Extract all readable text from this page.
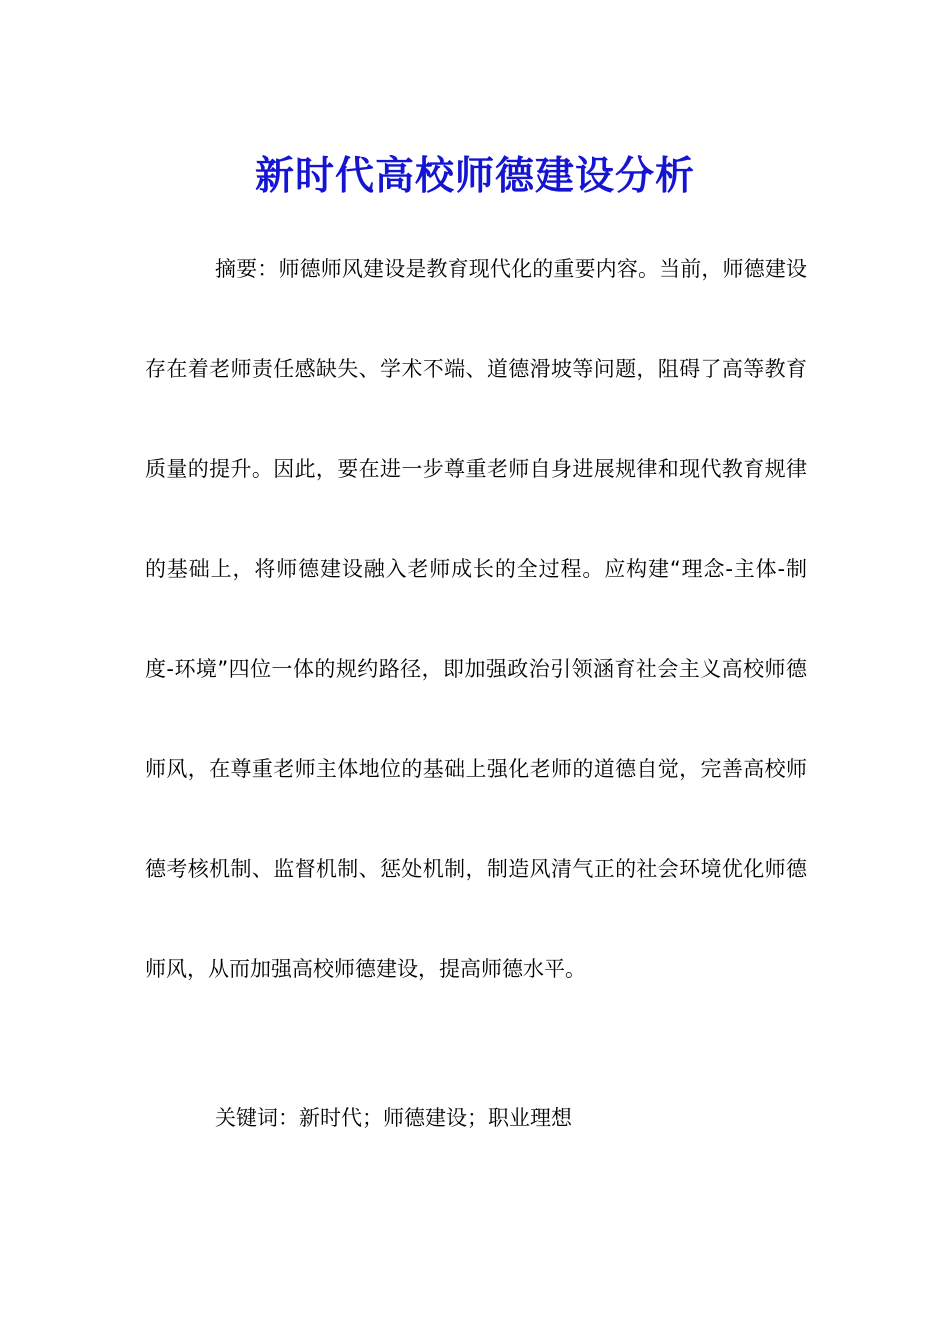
新时代高校师德建设分析

摘要：师德师风建设是教育现代化的重要内容。当前，师德建设存在着老师责任感缺失、学术不端、道德滑坡等问题，阻碍了高等教育质量的提升。因此，要在进一步尊重老师自身进展规律和现代教育规律的基础上，将师德建设融入老师成长的全过程。应构建“理念-主体-制度-环境”四位一体的规约路径，即加强政治引领涵育社会主义高校师德师风，在尊重老师主体地位的基础上强化老师的道德自觉，完善高校师德考核机制、监督机制、惩处机制，制造风清气正的社会环境优化师德师风，从而加强高校师德建设，提高师德水平。

关键词：新时代；师德建设；职业理想
